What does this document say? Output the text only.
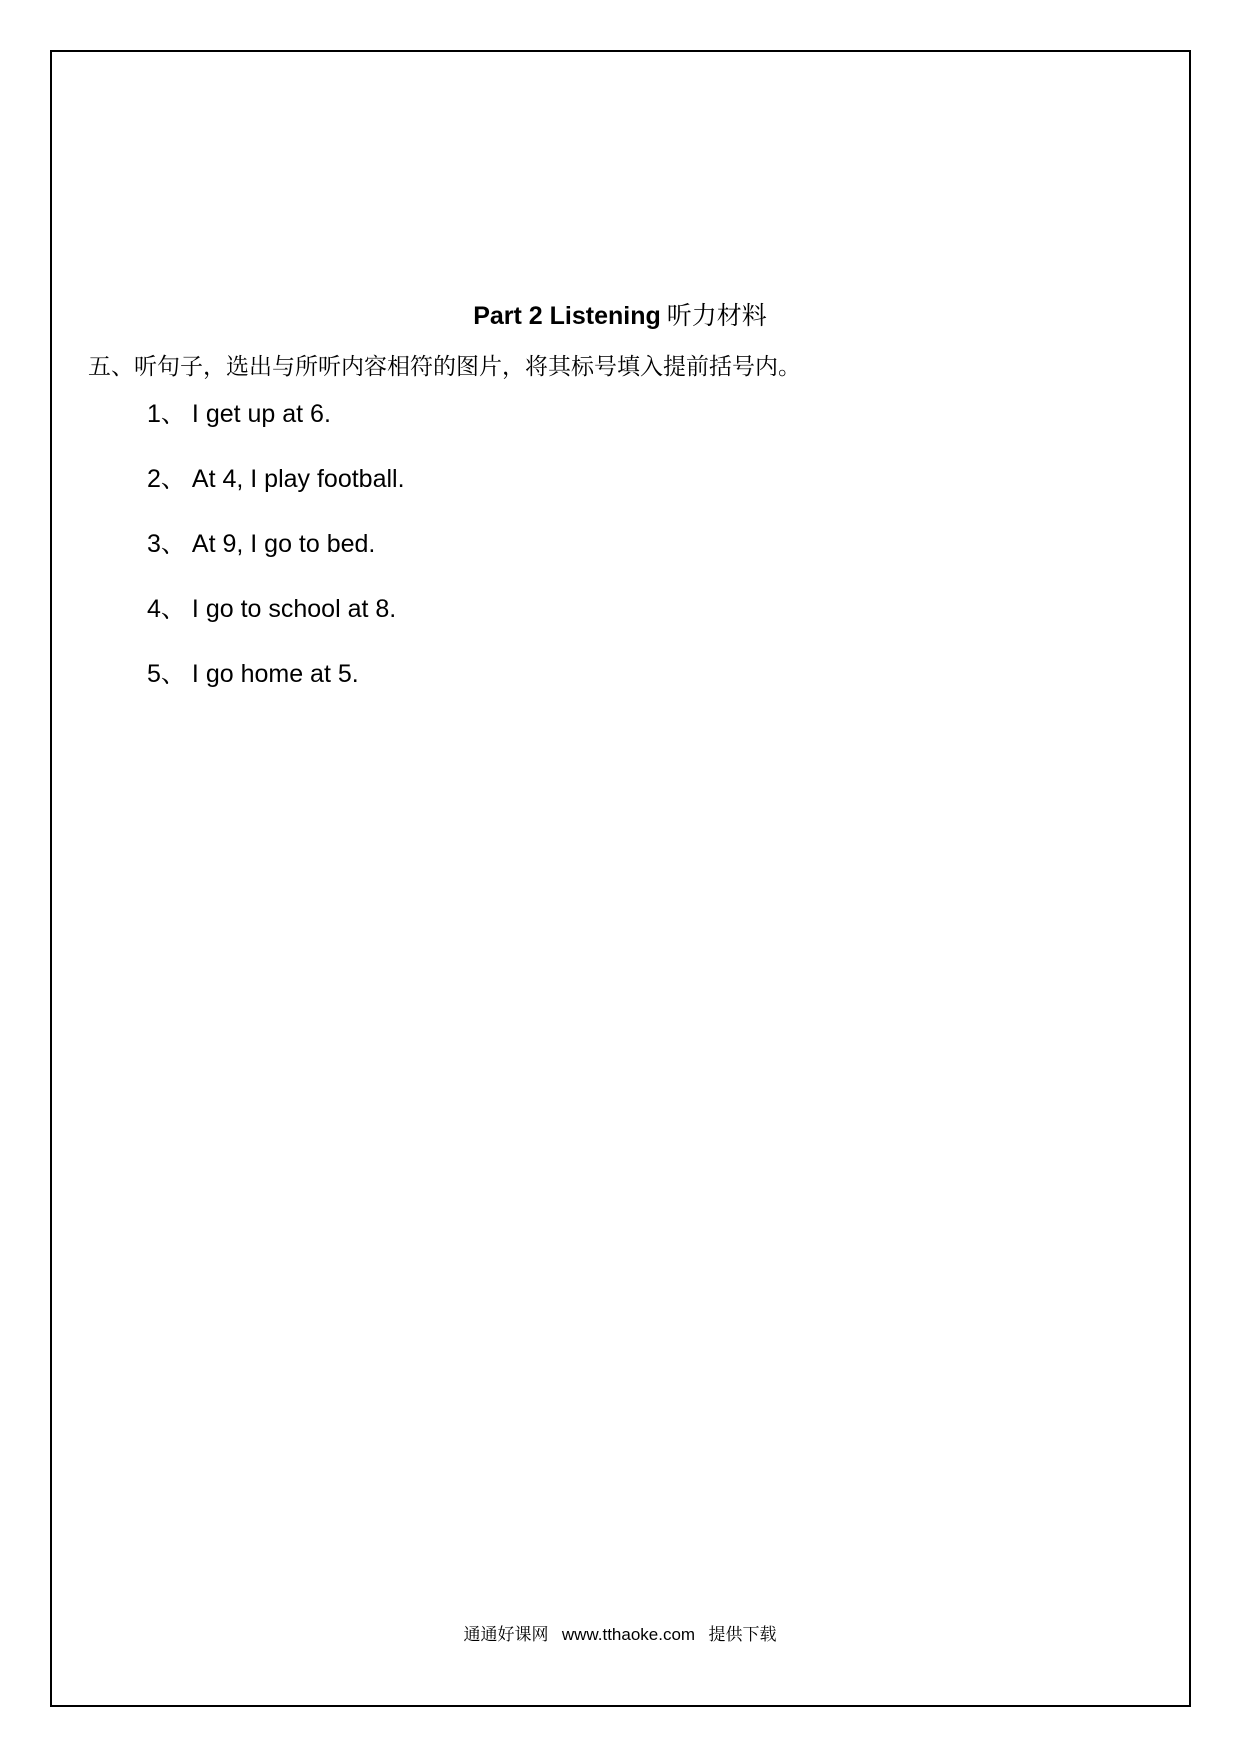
Part 2 Listening 听力材料
五、听句子，选出与所听内容相符的图片，将其标号填入提前括号内。
1、 I get up at 6.
2、 At 4, I play football.
3、 At 9, I go to bed.
4、 I go to school at 8.
5、 I go home at 5.
通通好课网 www.tthaoke.com 提供下载
